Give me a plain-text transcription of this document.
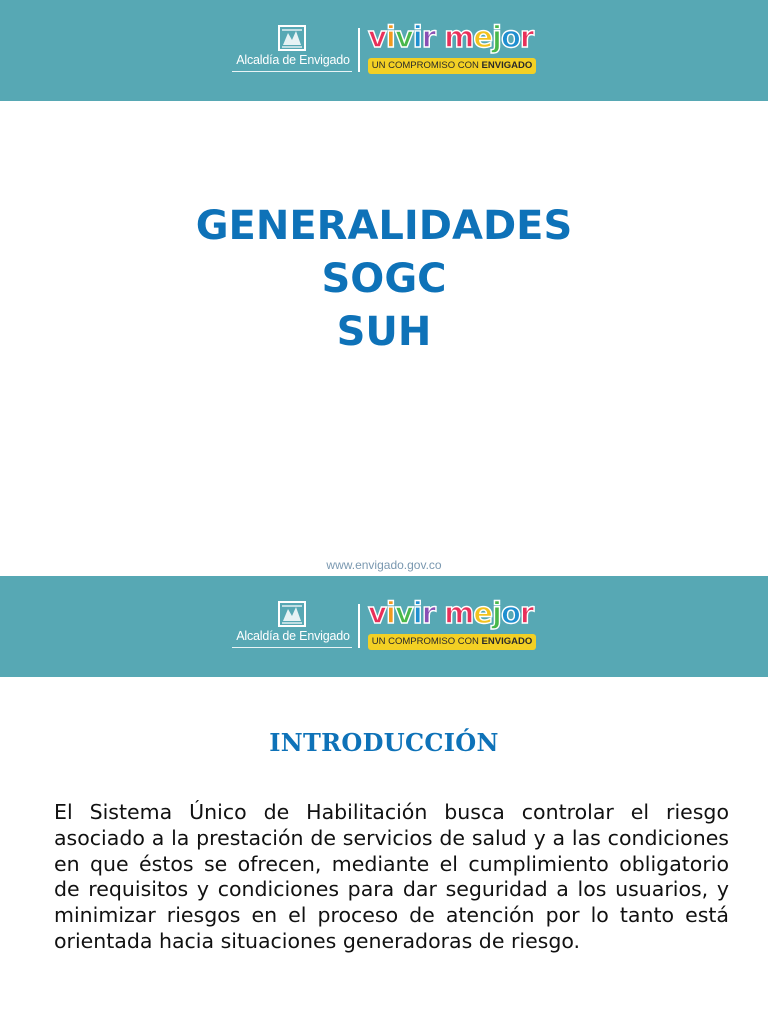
Alcaldía de Envigado
vivir mejor
UN COMPROMISO CON ENVIGADO
GENERALIDADES
SOGC
SUH
www.envigado.gov.co
Alcaldía de Envigado
vivir mejor
UN COMPROMISO CON ENVIGADO
INTRODUCCIÓN
El Sistema Único de Habilitación busca controlar el riesgo asociado a la prestación de servicios de salud y a las condiciones en que éstos se ofrecen, mediante el cumplimiento obligatorio de requisitos y condiciones para dar seguridad a los usuarios, y minimizar riesgos en el proceso de atención por lo tanto está orientada hacia situaciones generadoras de riesgo.
